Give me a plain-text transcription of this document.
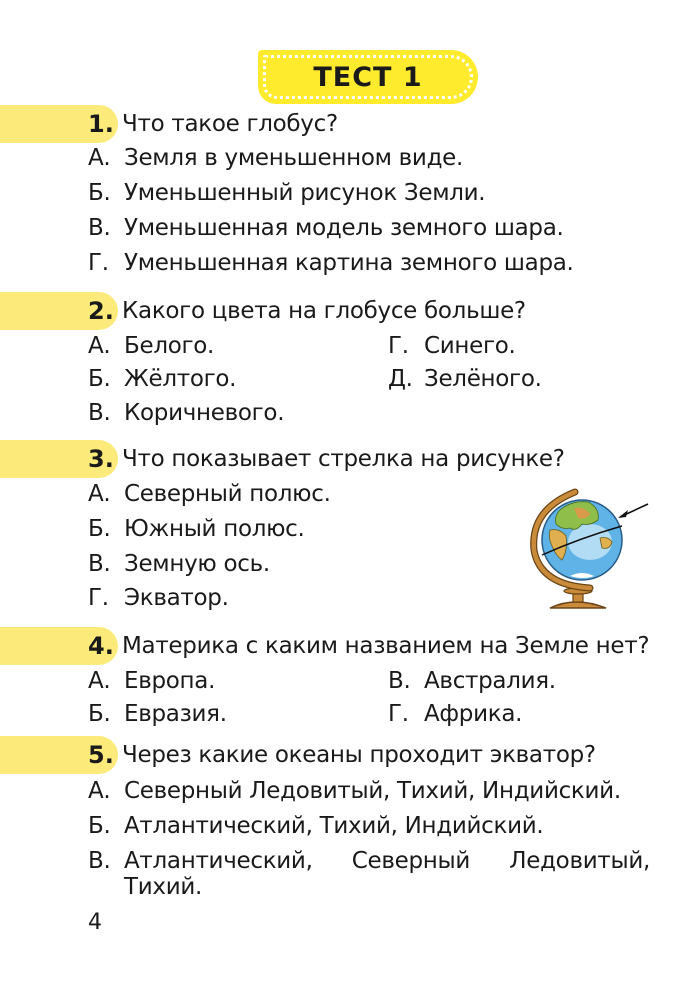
ТЕСТ 1
1. Что такое глобус?
А. Земля в уменьшенном виде.
Б. Уменьшенный рисунок Земли.
В. Уменьшенная модель земного шара.
Г. Уменьшенная картина земного шара.
2. Какого цвета на глобусе больше?
А. Белого.
Б. Жёлтого.
В. Коричневого.
Г. Синего.
Д. Зелёного.
3. Что показывает стрелка на рисунке?
А. Северный полюс.
Б. Южный полюс.
В. Земную ось.
Г. Экватор.
4. Материка с каким названием на Земле нет?
А. Европа.
Б. Евразия.
В. Австралия.
Г. Африка.
5. Через какие океаны проходит экватор?
А. Северный Ледовитый, Тихий, Индийский.
Б. Атлантический, Тихий, Индийский.
В. Атлантический, Северный Ледовитый,
Тихий.
4
